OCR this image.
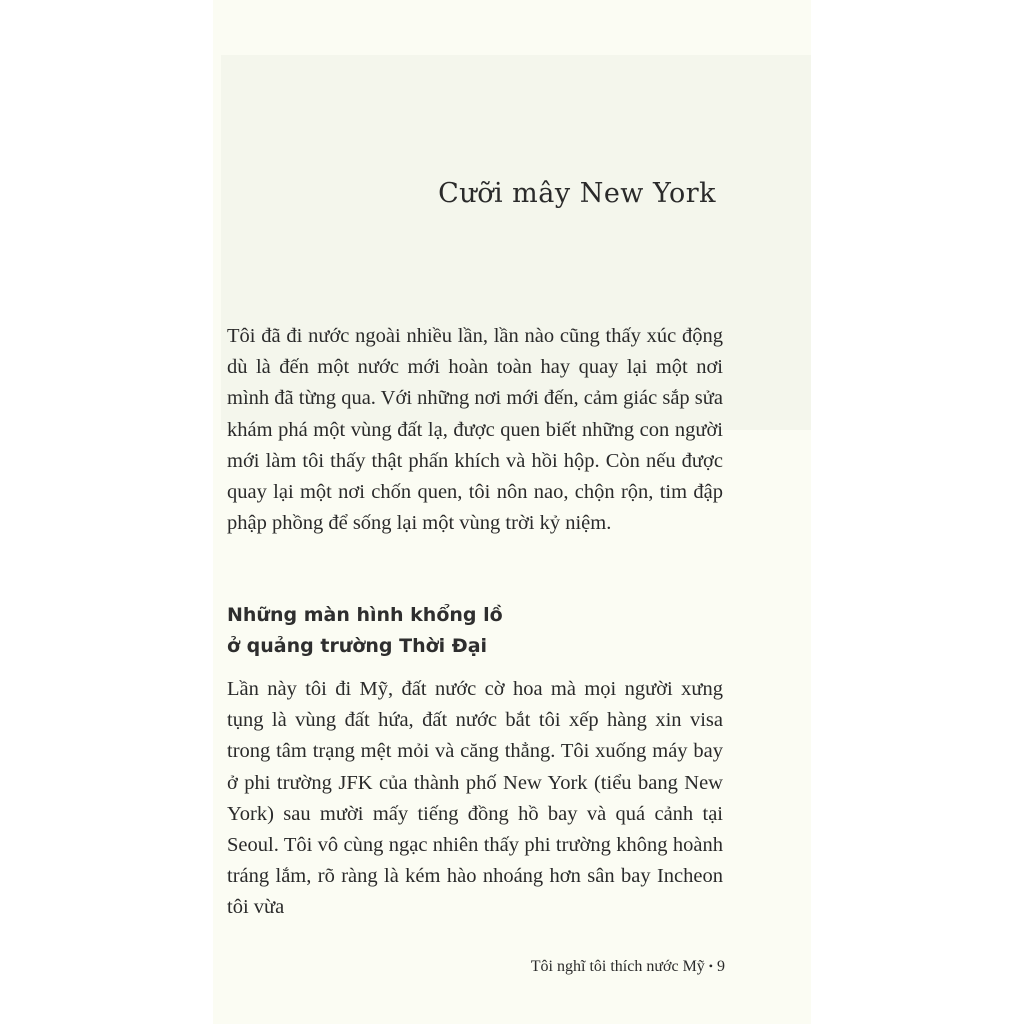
Cưỡi mây New York

Tôi đã đi nước ngoài nhiều lần, lần nào cũng thấy xúc động dù là đến một nước mới hoàn toàn hay quay lại một nơi mình đã từng qua. Với những nơi mới đến, cảm giác sắp sửa khám phá một vùng đất lạ, được quen biết những con người mới làm tôi thấy thật phấn khích và hồi hộp. Còn nếu được quay lại một nơi chốn quen, tôi nôn nao, chộn rộn, tim đập phập phồng để sống lại một vùng trời kỷ niệm.

Những màn hình khổng lồ
ở quảng trường Thời Đại

Lần này tôi đi Mỹ, đất nước cờ hoa mà mọi người xưng tụng là vùng đất hứa, đất nước bắt tôi xếp hàng xin visa trong tâm trạng mệt mỏi và căng thẳng. Tôi xuống máy bay ở phi trường JFK của thành phố New York (tiểu bang New York) sau mười mấy tiếng đồng hồ bay và quá cảnh tại Seoul. Tôi vô cùng ngạc nhiên thấy phi trường không hoành tráng lắm, rõ ràng là kém hào nhoáng hơn sân bay Incheon tôi vừa

Tôi nghĩ tôi thích nước Mỹ • 9
